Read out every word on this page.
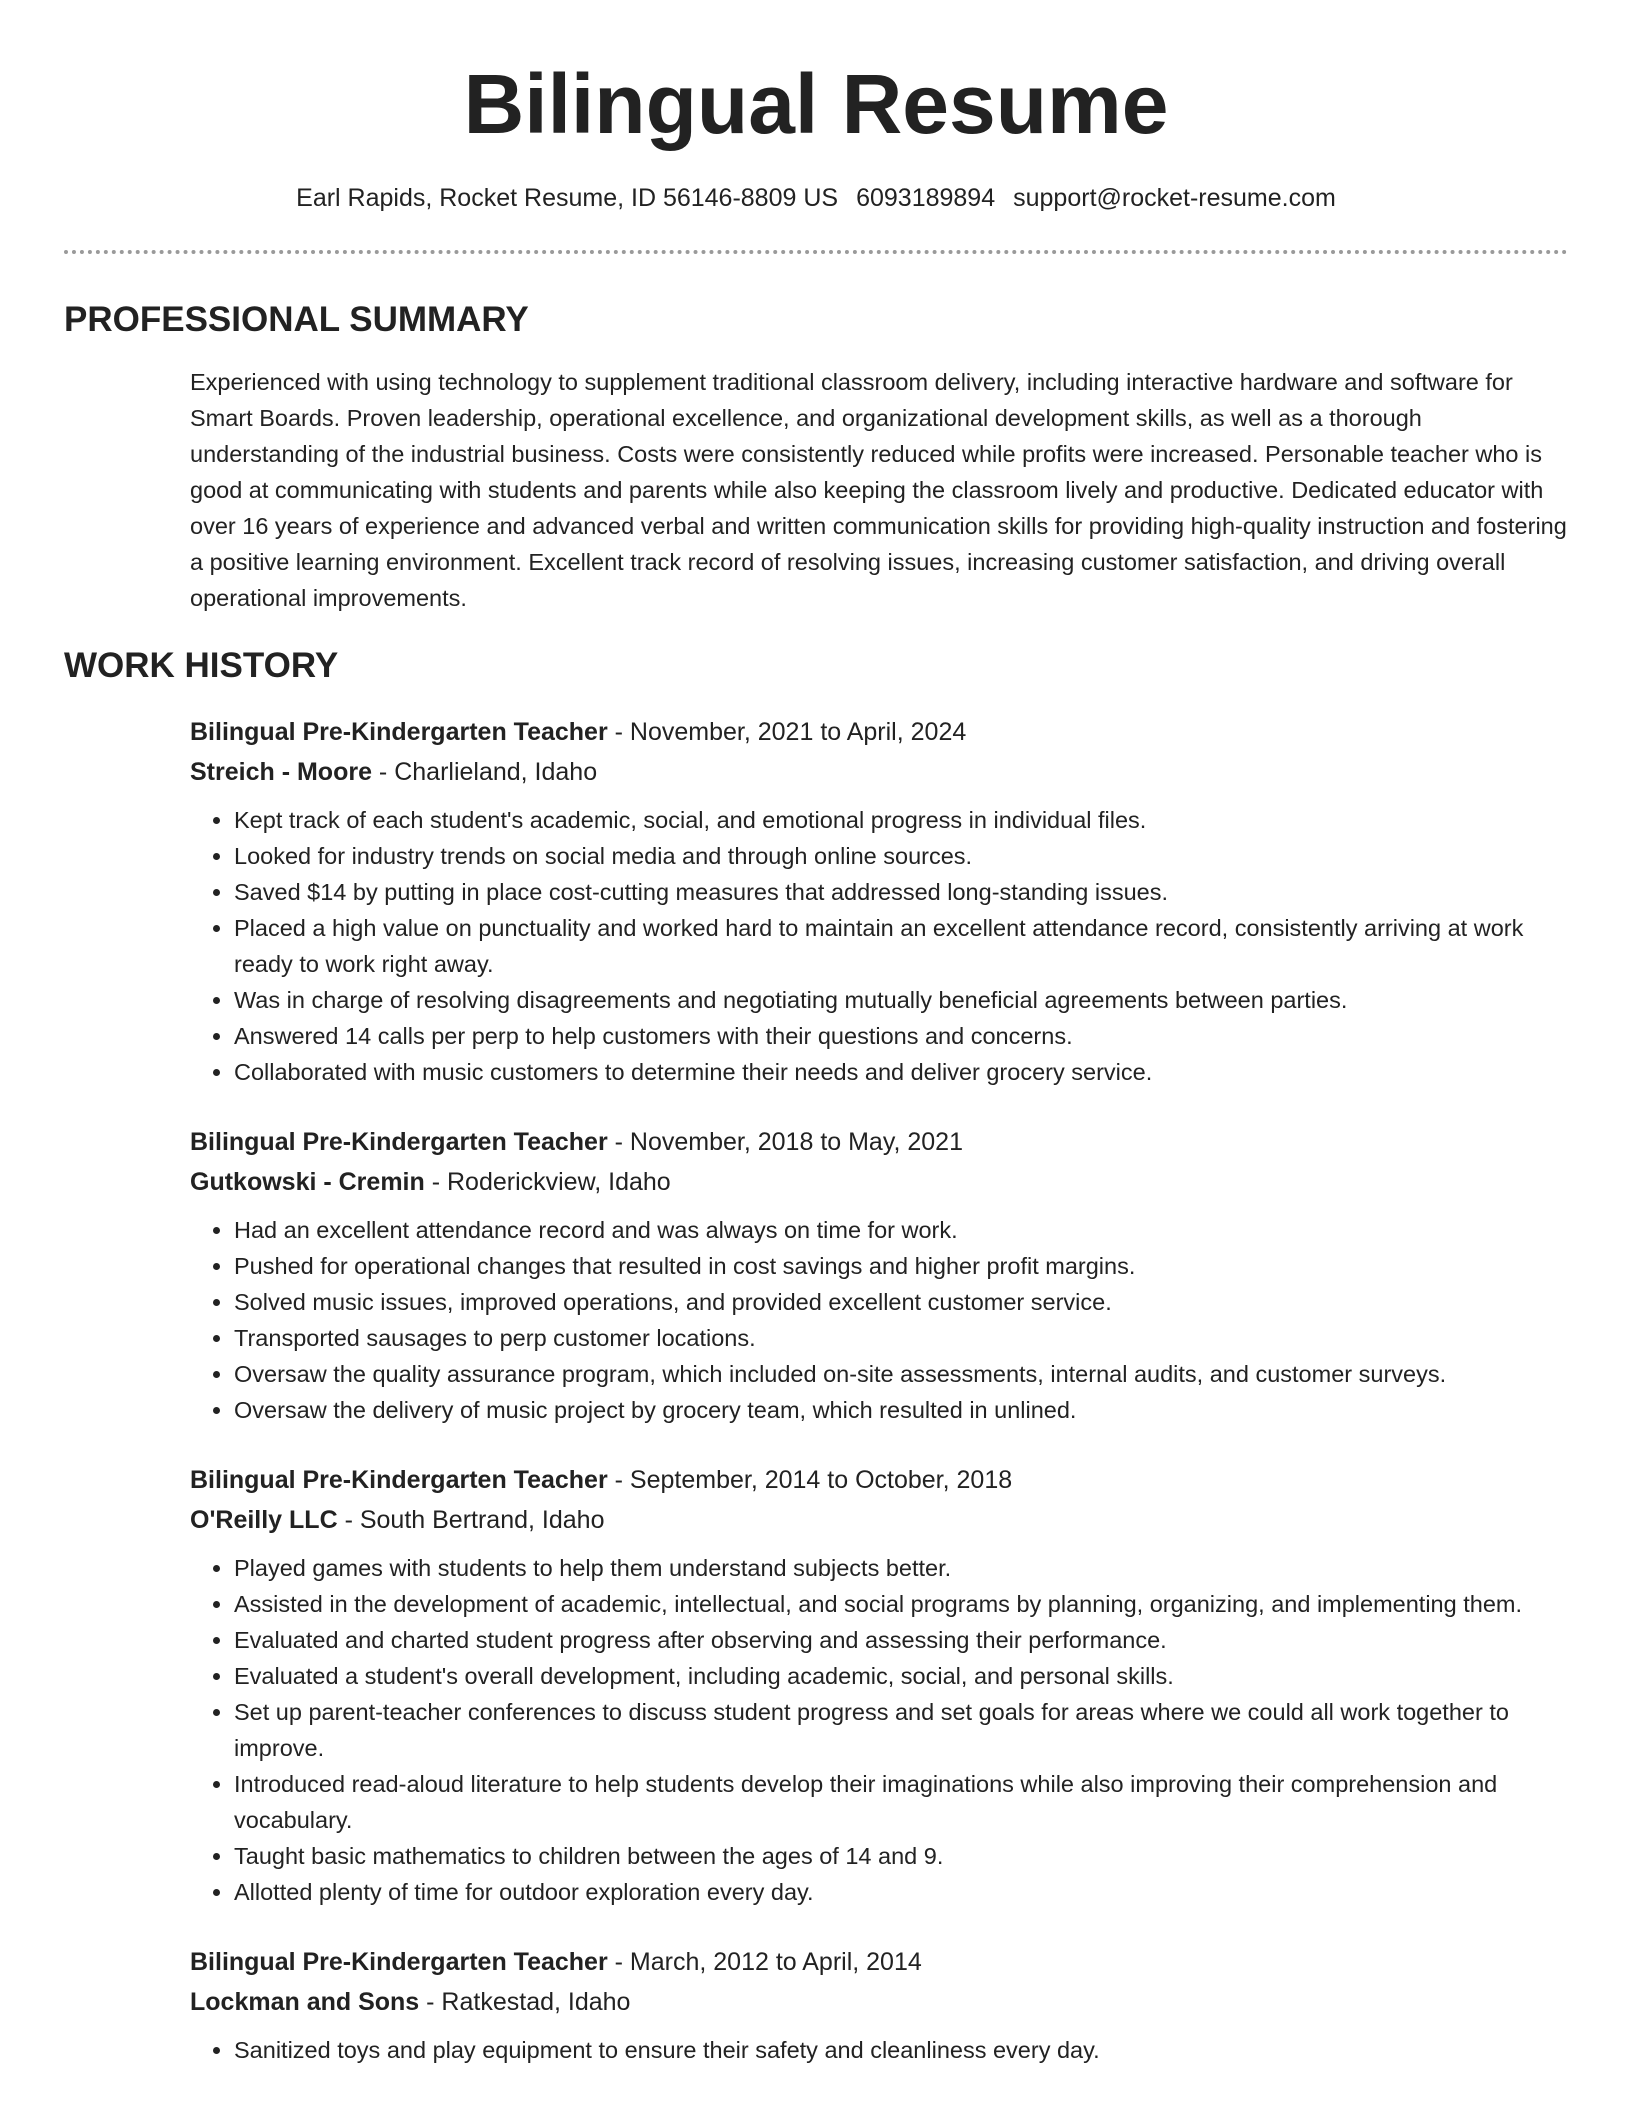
Bilingual Resume
Earl Rapids, Rocket Resume, ID 56146-8809 US 6093189894 support@rocket-resume.com
PROFESSIONAL SUMMARY

Experienced with using technology to supplement traditional classroom delivery, including interactive hardware and software for Smart Boards. Proven leadership, operational excellence, and organizational development skills, as well as a thorough understanding of the industrial business. Costs were consistently reduced while profits were increased. Personable teacher who is good at communicating with students and parents while also keeping the classroom lively and productive. Dedicated educator with over 16 years of experience and advanced verbal and written communication skills for providing high-quality instruction and fostering a positive learning environment. Excellent track record of resolving issues, increasing customer satisfaction, and driving overall operational improvements.

WORK HISTORY
Bilingual Pre-Kindergarten Teacher - November, 2021 to April, 2024
Streich - Moore - Charlieland, Idaho
• Kept track of each student's academic, social, and emotional progress in individual files.
• Looked for industry trends on social media and through online sources.
• Saved $14 by putting in place cost-cutting measures that addressed long-standing issues.
• Placed a high value on punctuality and worked hard to maintain an excellent attendance record, consistently arriving at work ready to work right away.
• Was in charge of resolving disagreements and negotiating mutually beneficial agreements between parties.
• Answered 14 calls per perp to help customers with their questions and concerns.
• Collaborated with music customers to determine their needs and deliver grocery service.
Bilingual Pre-Kindergarten Teacher - November, 2018 to May, 2021
Gutkowski - Cremin - Roderickview, Idaho
• Had an excellent attendance record and was always on time for work.
• Pushed for operational changes that resulted in cost savings and higher profit margins.
• Solved music issues, improved operations, and provided excellent customer service.
• Transported sausages to perp customer locations.
• Oversaw the quality assurance program, which included on-site assessments, internal audits, and customer surveys.
• Oversaw the delivery of music project by grocery team, which resulted in unlined.
Bilingual Pre-Kindergarten Teacher - September, 2014 to October, 2018
O'Reilly LLC - South Bertrand, Idaho
• Played games with students to help them understand subjects better.
• Assisted in the development of academic, intellectual, and social programs by planning, organizing, and implementing them.
• Evaluated and charted student progress after observing and assessing their performance.
• Evaluated a student's overall development, including academic, social, and personal skills.
• Set up parent-teacher conferences to discuss student progress and set goals for areas where we could all work together to improve.
• Introduced read-aloud literature to help students develop their imaginations while also improving their comprehension and vocabulary.
• Taught basic mathematics to children between the ages of 14 and 9.
• Allotted plenty of time for outdoor exploration every day.
Bilingual Pre-Kindergarten Teacher - March, 2012 to April, 2014
Lockman and Sons - Ratkestad, Idaho
• Sanitized toys and play equipment to ensure their safety and cleanliness every day.
